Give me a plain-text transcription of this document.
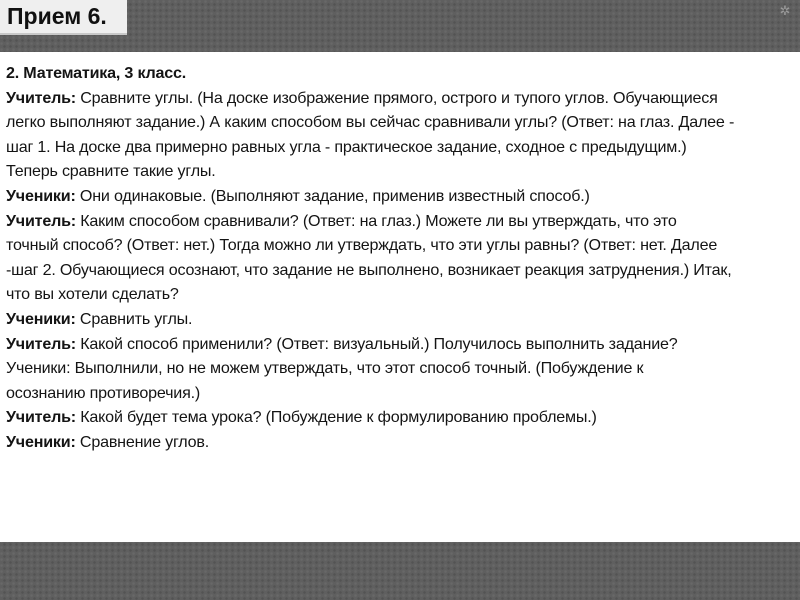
Прием 6.	✲
2. Математика, 3 класс.
Учитель: Сравните углы. (На доске изображение прямого, острого и тупого углов. Обучающиеся
легко выполняют задание.) А каким способом вы сейчас сравнивали углы? (Ответ: на глаз. Далее -
шаг 1. На доске два примерно равных угла - практическое задание, сходное с предыдущим.)
Теперь сравните такие углы.
Ученики: Они одинаковые. (Выполняют задание, применив известный способ.)
Учитель: Каким способом сравнивали? (Ответ: на глаз.) Можете ли вы утверждать, что это
точный способ? (Ответ: нет.) Тогда можно ли утверждать, что эти углы равны? (Ответ: нет. Далее
-шаг 2. Обучающиеся осознают, что задание не выполнено, возникает реакция затруднения.) Итак,
что вы хотели сделать?
Ученики: Сравнить углы.
Учитель: Какой способ применили? (Ответ: визуальный.) Получилось выполнить задание?
Ученики: Выполнили, но не можем утверждать, что этот способ точный. (Побуждение к
осознанию противоречия.)
Учитель: Какой будет тема урока? (Побуждение к формулированию проблемы.)
Ученики: Сравнение углов.
